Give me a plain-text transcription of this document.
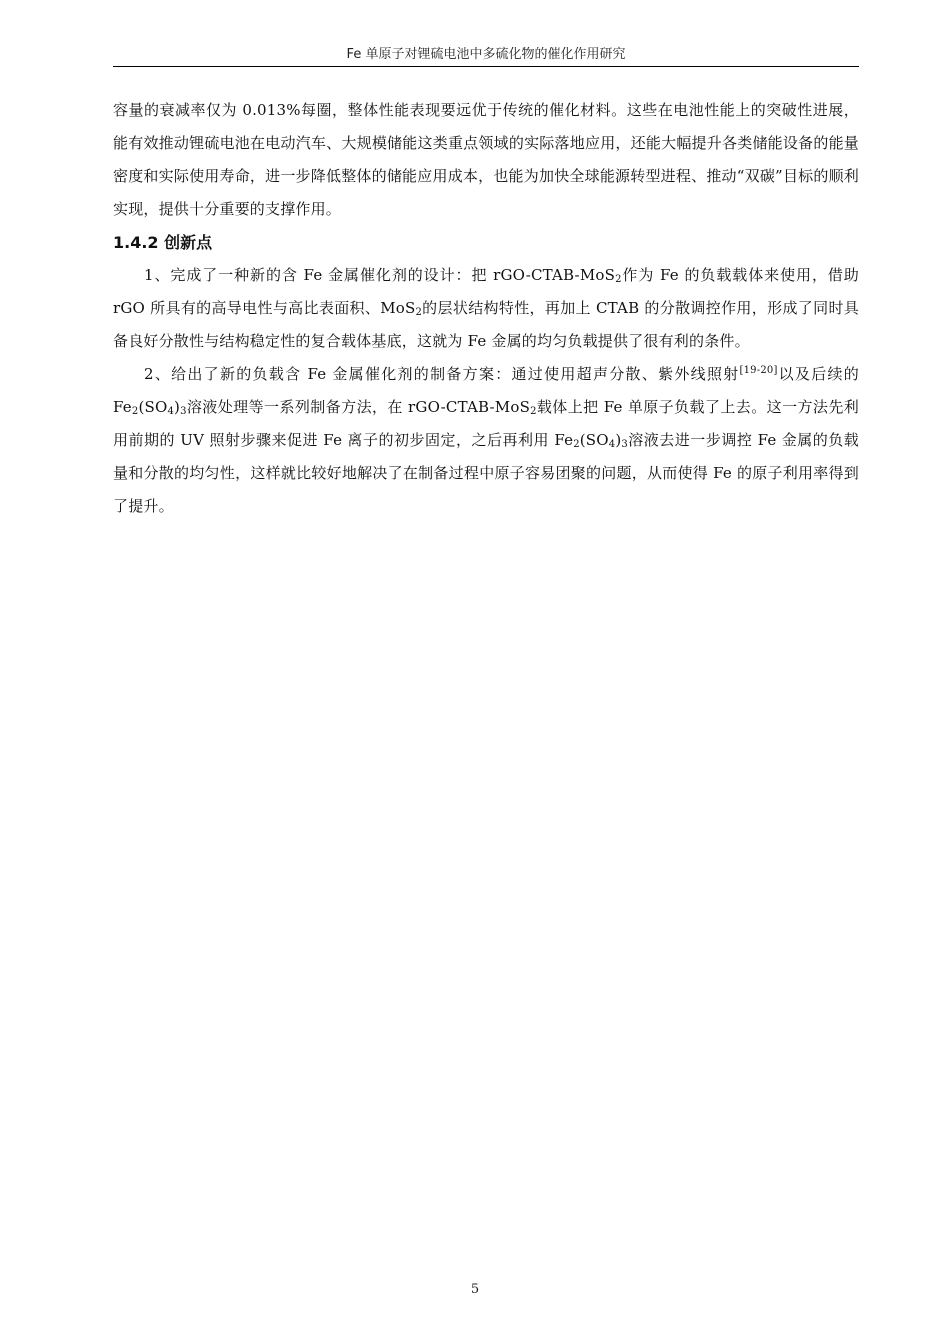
Fe 单原子对锂硫电池中多硫化物的催化作用研究

容量的衰减率仅为 0.013%每圈，整体性能表现要远优于传统的催化材料。这些在电池性能上的突破性进展，能有效推动锂硫电池在电动汽车、大规模储能这类重点领域的实际落地应用，还能大幅提升各类储能设备的能量密度和实际使用寿命，进一步降低整体的储能应用成本，也能为加快全球能源转型进程、推动“双碳”目标的顺利实现，提供十分重要的支撑作用。

1.4.2 创新点

1、完成了一种新的含 Fe 金属催化剂的设计：把 rGO-CTAB-MoS$_2$作为 Fe 的负载载体来使用，借助 rGO 所具有的高导电性与高比表面积、MoS$_2$的层状结构特性，再加上 CTAB 的分散调控作用，形成了同时具备良好分散性与结构稳定性的复合载体基底，这就为 Fe 金属的均匀负载提供了很有利的条件。

2、给出了新的负载含 Fe 金属催化剂的制备方案：通过使用超声分散、紫外线照射[19-20]以及后续的 $Fe_2(SO_4)_3$溶液处理等一系列制备方法，在 rGO-CTAB-MoS$_2$载体上把 Fe 单原子负载了上去。这一方法先利用前期的 UV 照射步骤来促进 Fe 离子的初步固定，之后再利用 $Fe_2(SO_4)_3$溶液去进一步调控 Fe 金属的负载量和分散的均匀性，这样就比较好地解决了在制备过程中原子容易团聚的问题，从而使得 Fe 的原子利用率得到了提升。

5
